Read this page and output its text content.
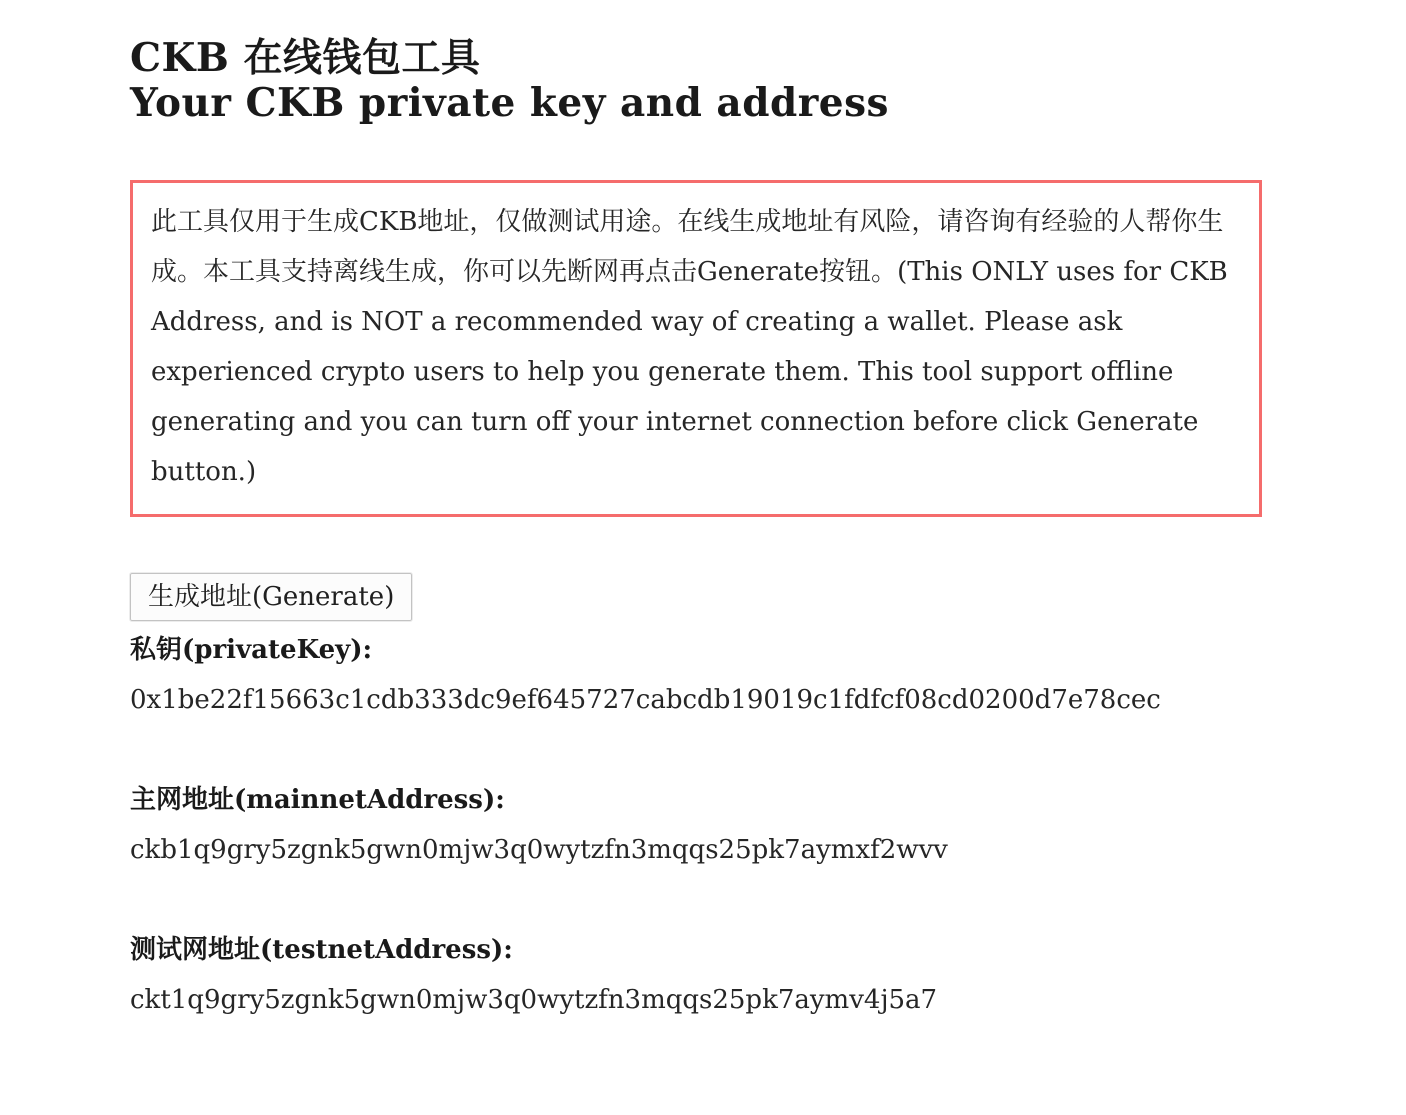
CKB 在线钱包工具
Your CKB private key and address

此工具仅用于生成CKB地址，仅做测试用途。在线生成地址有风险，请咨询有经验的人帮你生成。本工具支持离线生成，你可以先断网再点击Generate按钮。(This ONLY uses for CKB Address, and is NOT a recommended way of creating a wallet. Please ask experienced crypto users to help you generate them. This tool support offline generating and you can turn off your internet connection before click Generate button.)

生成地址(Generate)
私钥(privateKey):
0x1be22f15663c1cdb333dc9ef645727cabcdb19019c1fdfcf08cd0200d7e78cec
主网地址(mainnetAddress):
ckb1q9gry5zgnk5gwn0mjw3q0wytzfn3mqqs25pk7aymxf2wvv
测试网地址(testnetAddress):
ckt1q9gry5zgnk5gwn0mjw3q0wytzfn3mqqs25pk7aymv4j5a7
